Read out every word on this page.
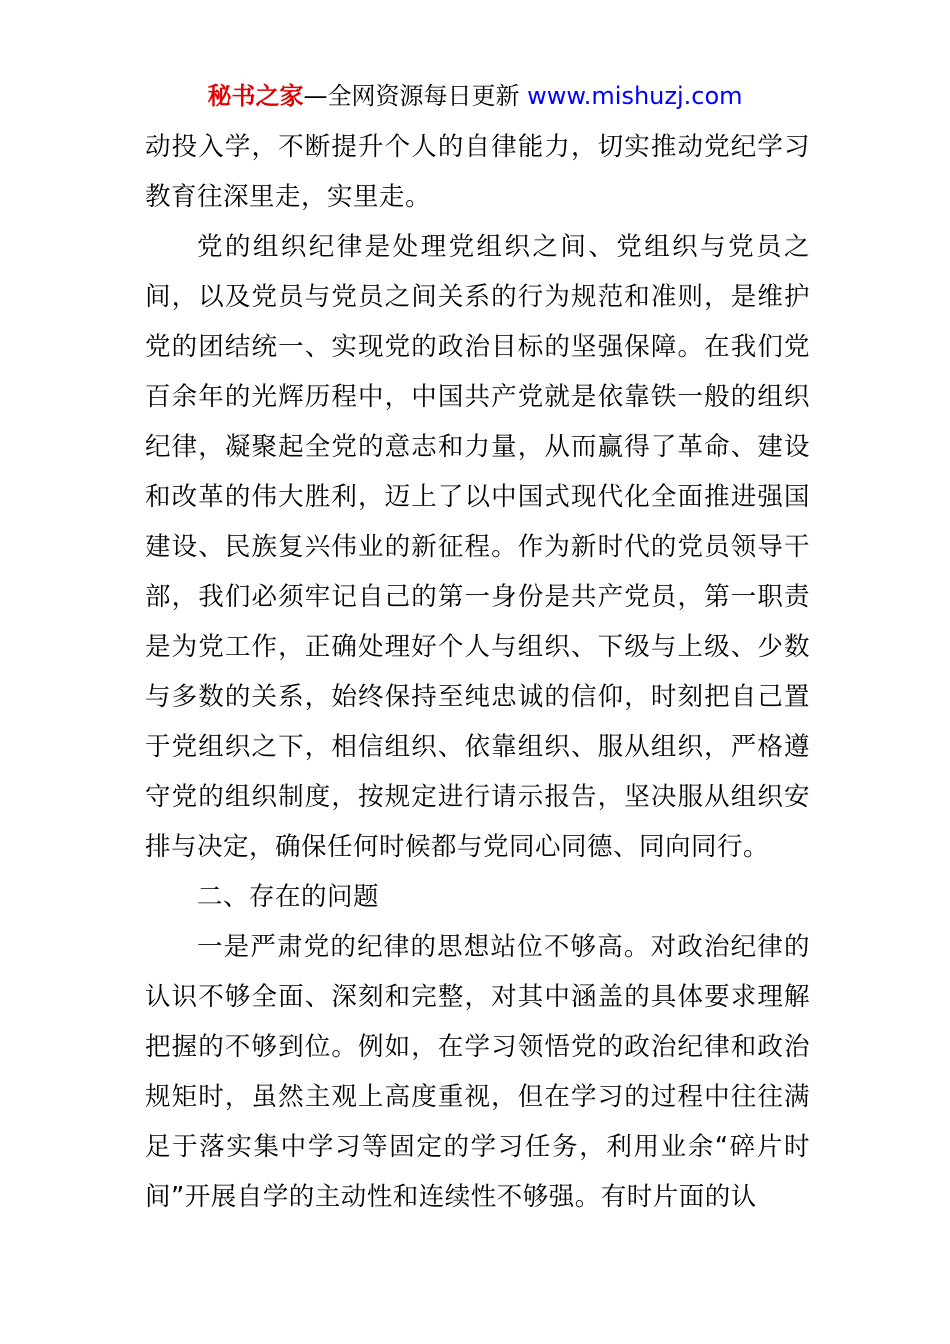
秘书之家—全网资源每日更新 www.mishuzj.com

动投入学，不断提升个人的自律能力，切实推动党纪学习教育往深里走，实里走。

党的组织纪律是处理党组织之间、党组织与党员之间，以及党员与党员之间关系的行为规范和准则，是维护党的团结统一、实现党的政治目标的坚强保障。在我们党百余年的光辉历程中，中国共产党就是依靠铁一般的组织纪律，凝聚起全党的意志和力量，从而赢得了革命、建设和改革的伟大胜利，迈上了以中国式现代化全面推进强国建设、民族复兴伟业的新征程。作为新时代的党员领导干部，我们必须牢记自己的第一身份是共产党员，第一职责是为党工作，正确处理好个人与组织、下级与上级、少数与多数的关系，始终保持至纯忠诚的信仰，时刻把自己置于党组织之下，相信组织、依靠组织、服从组织，严格遵守党的组织制度，按规定进行请示报告，坚决服从组织安排与决定，确保任何时候都与党同心同德、同向同行。

二、存在的问题

一是严肃党的纪律的思想站位不够高。对政治纪律的认识不够全面、深刻和完整，对其中涵盖的具体要求理解把握的不够到位。例如，在学习领悟党的政治纪律和政治规矩时，虽然主观上高度重视，但在学习的过程中往往满足于落实集中学习等固定的学习任务，利用业余“碎片时间”开展自学的主动性和连续性不够强。有时片面的认
